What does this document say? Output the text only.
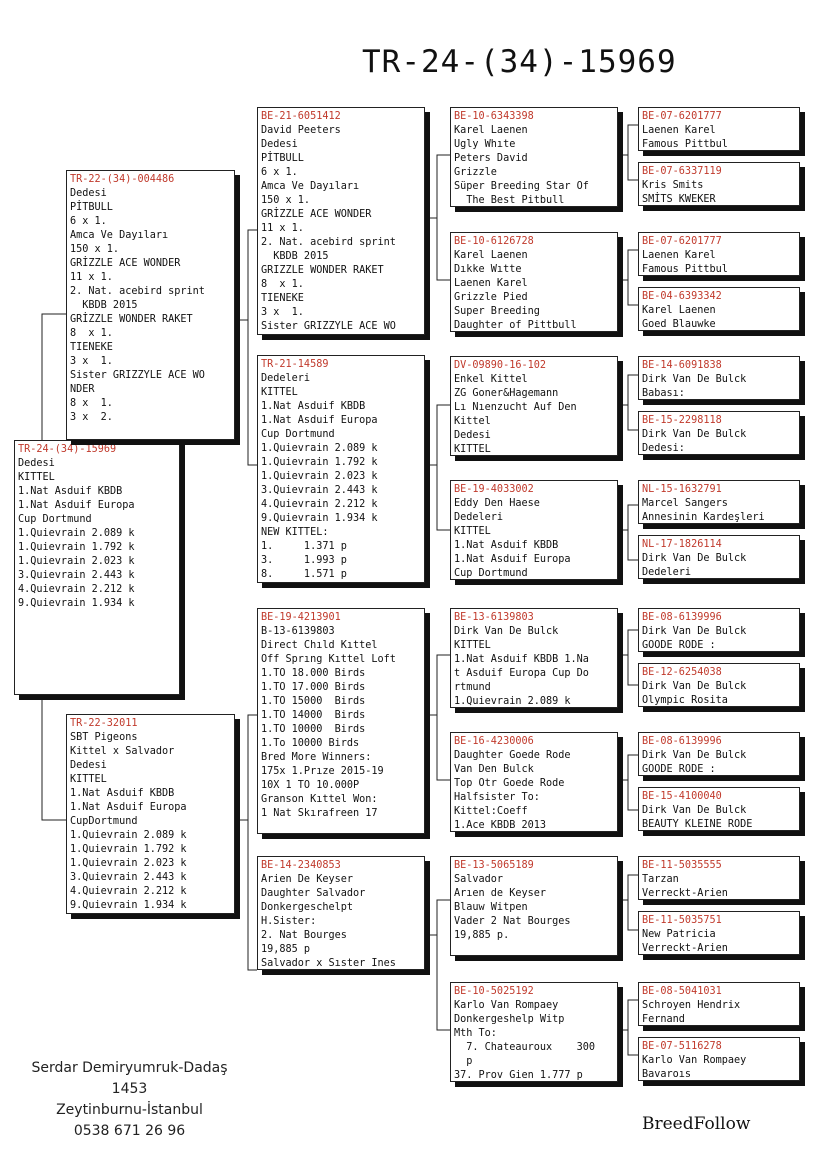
TR-24-(34)-15969
TR-24-(34)-15969
Dedesi
KITTEL
1.Nat Asduif KBDB
1.Nat Asduif Europa
Cup Dortmund
1.Quievrain 2.089 k
1.Quievrain 1.792 k
1.Quievrain 2.023 k
3.Quievrain 2.443 k
4.Quievrain 2.212 k
9.Quievrain 1.934 k
TR-22-(34)-004486
Dedesi
PİTBULL
6 x 1.
Amca Ve Dayıları
150 x 1.
GRİZZLE ACE WONDER
11 x 1.
2. Nat. acebird sprint
KBDB 2015
GRİZZLE WONDER RAKET
8  x 1.
TIENEKE
3 x  1.
Sister GRIZZYLE ACE WO
NDER
8 x  1.
3 x  2.
TR-22-32011
SBT Pigeons
Kittel x Salvador
Dedesi
KITTEL
1.Nat Asduif KBDB
1.Nat Asduif Europa
CupDortmund
1.Quievrain 2.089 k
1.Quievrain 1.792 k
1.Quievrain 2.023 k
3.Quievrain 2.443 k
4.Quievrain 2.212 k
9.Quievrain 1.934 k
BE-21-6051412
David Peeters
Dedesi
PİTBULL
6 x 1.
Amca Ve Dayıları
150 x 1.
GRİZZLE ACE WONDER
11 x 1.
2. Nat. acebird sprint
KBDB 2015
GRIZZLE WONDER RAKET
8  x 1.
TIENEKE
3 x  1.
Sister GRIZZYLE ACE WO
TR-21-14589
Dedeleri
KITTEL
1.Nat Asduif KBDB
1.Nat Asduif Europa
Cup Dortmund
1.Quievrain 2.089 k
1.Quievrain 1.792 k
1.Quievrain 2.023 k
3.Quievrain 2.443 k
4.Quievrain 2.212 k
9.Quievrain 1.934 k
NEW KITTEL:
1.     1.371 p
3.     1.993 p
8.     1.571 p
BE-19-4213901
B-13-6139803
Direct Chıld Kıttel
Off Sprıng Kıttel Loft
1.TO 18.000 Birds
1.TO 17.000 Birds
1.TO 15000  Birds
1.TO 14000  Birds
1.TO 10000  Birds
1.To 10000 Birds
Bred More Winners:
175x 1.Prıze 2015-19
10X 1 TO 10.000P
Granson Kıttel Won:
1 Nat Skırafreen 17
BE-14-2340853
Arien De Keyser
Daughter Salvador
Donkergeschelpt
H.Sister:
2. Nat Bourges
19,885 p
Salvador x Sıster Ines
BE-10-6343398
Karel Laenen
Ugly Whıte
Peters David
Grizzle
Süper Breeding Star Of
The Best Pitbull
BE-10-6126728
Karel Laenen
Dıkke Wıtte
Laenen Karel
Grizzle Pied
Super Breeding
Daughter of Pittbull
DV-09890-16-102
Enkel Kittel
ZG Goner&Hagemann
Lı Nıenzucht Auf Den
Kittel
Dedesi
KITTEL
BE-19-4033002
Eddy Den Haese
Dedeleri
KITTEL
1.Nat Asduif KBDB
1.Nat Asduif Europa
Cup Dortmund
BE-13-6139803
Dirk Van De Bulck
KITTEL
1.Nat Asduif KBDB 1.Na
t Asduif Europa Cup Do
rtmund
1.Quievrain 2.089 k
BE-16-4230006
Daughter Goede Rode
Van Den Bulck
Top Otr Goede Rode
Halfsister To:
Kittel:Coeff
1.Ace KBDB 2013
BE-13-5065189
Salvador
Arıen de Keyser
Blauw Witpen
Vader 2 Nat Bourges
19,885 p.
BE-10-5025192
Karlo Van Rompaey
Donkergeshelp Witp
Mth To:
7. Chateauroux    300
p
37. Prov Gien 1.777 p
BE-07-6201777
Laenen Karel
Famous Pittbul
BE-07-6337119
Kris Smits
SMİTS KWEKER
BE-07-6201777
Laenen Karel
Famous Pittbul
BE-04-6393342
Karel Laenen
Goed Blauwke
BE-14-6091838
Dirk Van De Bulck
Babası:
BE-15-2298118
Dirk Van De Bulck
Dedesi:
NL-15-1632791
Marcel Sangers
Annesinin Kardeşleri
NL-17-1826114
Dirk Van De Bulck
Dedeleri
BE-08-6139996
Dirk Van De Bulck
GOODE RODE :
BE-12-6254038
Dirk Van De Bulck
Olympic Rosita
BE-08-6139996
Dirk Van De Bulck
GOODE RODE :
BE-15-4100040
Dirk Van De Bulck
BEAUTY KLEINE RODE
BE-11-5035555
Tarzan
Verreckt-Arien
BE-11-5035751
New Patricia
Verreckt-Arien
BE-08-5041031
Schroyen Hendrix
Fernand
BE-07-5116278
Karlo Van Rompaey
Bavaroıs
Serdar Demiryumruk-Dadaş 1453
Zeytinburnu-İstanbul
0538 671 26 96	BreedFollow
